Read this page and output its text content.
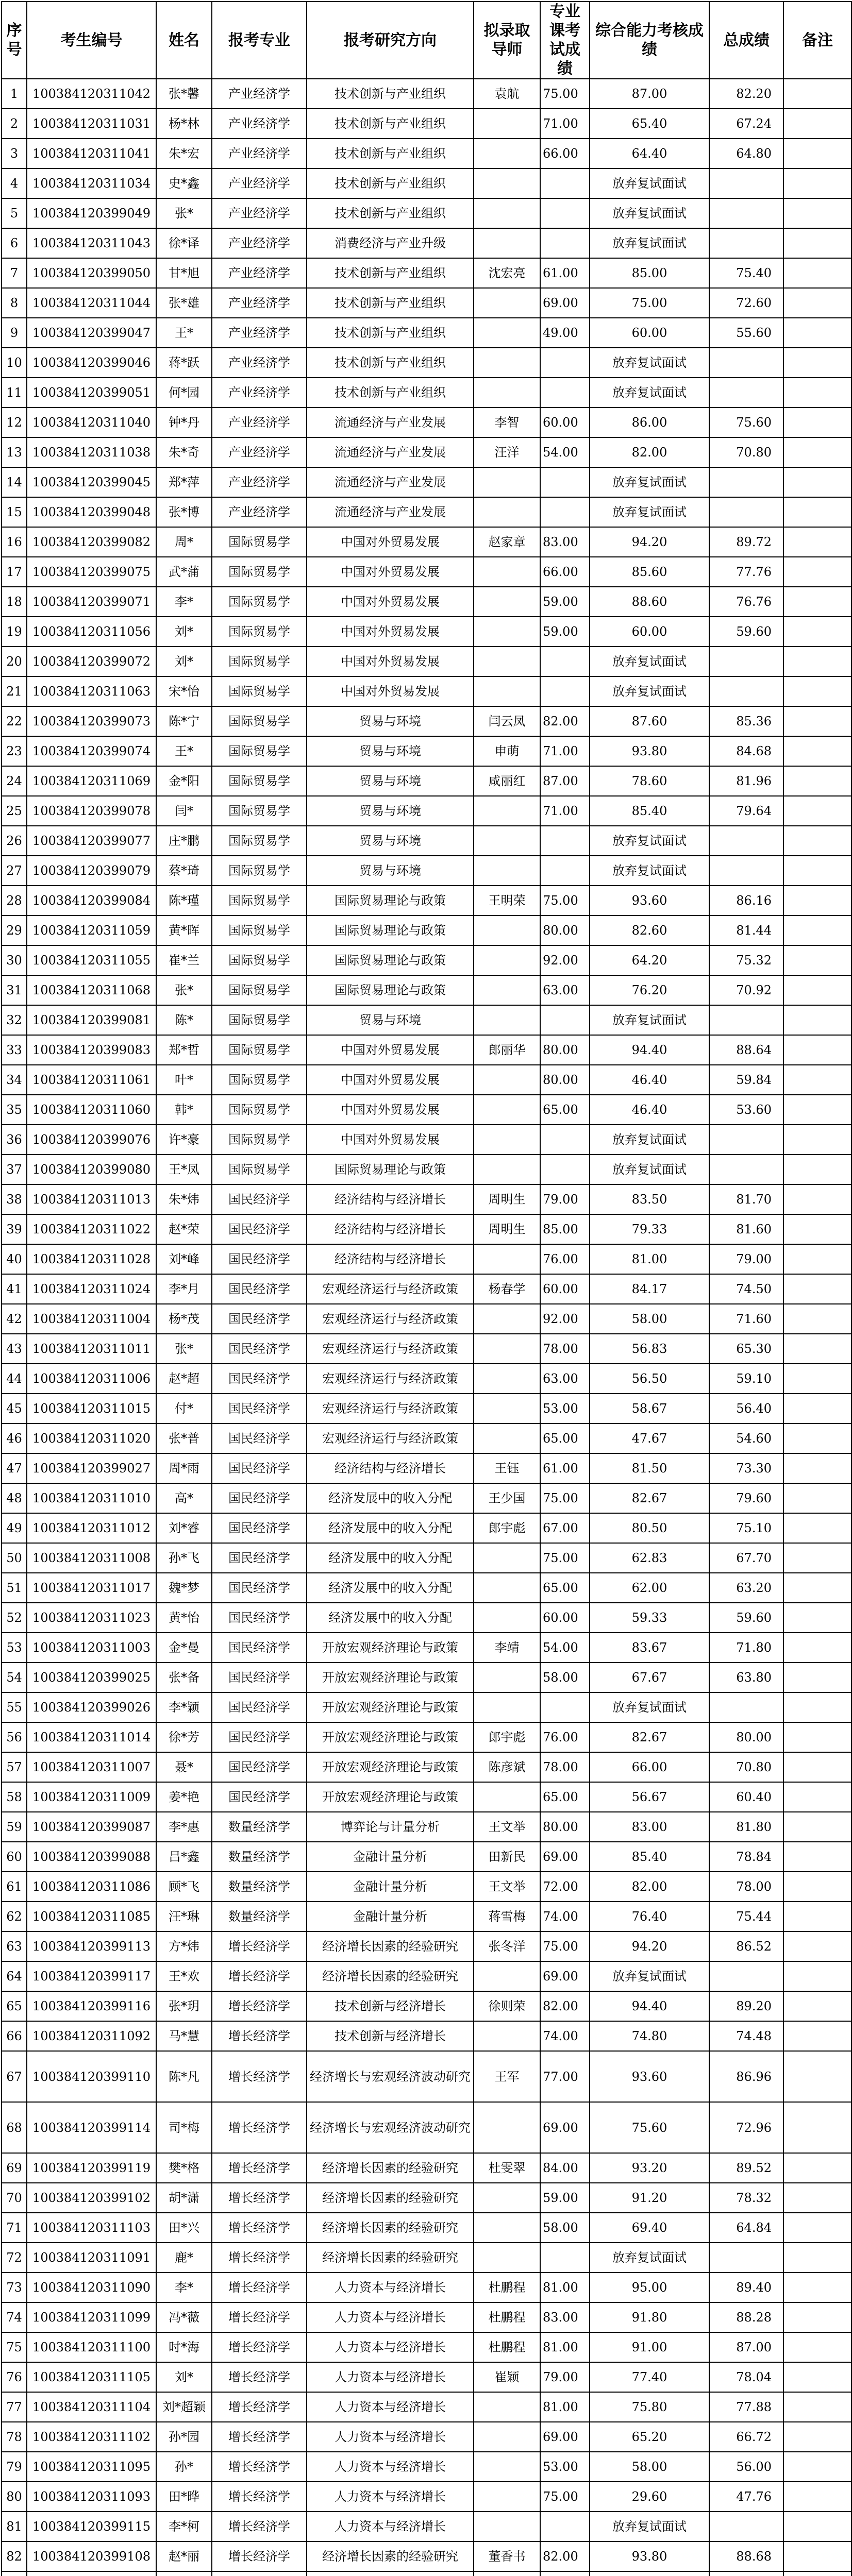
序号	考生编号	姓名	报考专业	报考研究方向	拟录取导师	专业课考试成绩	综合能力考核成绩	总成绩	备注
1	100384120311042	张*馨	产业经济学	技术创新与产业组织	袁航	75.00	87.00	82.20	
2	100384120311031	杨*林	产业经济学	技术创新与产业组织		71.00	65.40	67.24	
3	100384120311041	朱*宏	产业经济学	技术创新与产业组织		66.00	64.40	64.80	
4	100384120311034	史*鑫	产业经济学	技术创新与产业组织			放弃复试面试		
5	100384120399049	张*	产业经济学	技术创新与产业组织			放弃复试面试		
6	100384120311043	徐*译	产业经济学	消费经济与产业升级			放弃复试面试		
7	100384120399050	甘*旭	产业经济学	技术创新与产业组织	沈宏亮	61.00	85.00	75.40	
8	100384120311044	张*雄	产业经济学	技术创新与产业组织		69.00	75.00	72.60	
9	100384120399047	王*	产业经济学	技术创新与产业组织		49.00	60.00	55.60	
10	100384120399046	蒋*跃	产业经济学	技术创新与产业组织			放弃复试面试		
11	100384120399051	何*园	产业经济学	技术创新与产业组织			放弃复试面试		
12	100384120311040	钟*丹	产业经济学	流通经济与产业发展	李智	60.00	86.00	75.60	
13	100384120311038	朱*奇	产业经济学	流通经济与产业发展	汪洋	54.00	82.00	70.80	
14	100384120399045	郑*萍	产业经济学	流通经济与产业发展			放弃复试面试		
15	100384120399048	张*博	产业经济学	流通经济与产业发展			放弃复试面试		
16	100384120399082	周*	国际贸易学	中国对外贸易发展	赵家章	83.00	94.20	89.72	
17	100384120399075	武*蒲	国际贸易学	中国对外贸易发展		66.00	85.60	77.76	
18	100384120399071	李*	国际贸易学	中国对外贸易发展		59.00	88.60	76.76	
19	100384120311056	刘*	国际贸易学	中国对外贸易发展		59.00	60.00	59.60	
20	100384120399072	刘*	国际贸易学	中国对外贸易发展			放弃复试面试		
21	100384120311063	宋*怡	国际贸易学	中国对外贸易发展			放弃复试面试		
22	100384120399073	陈*宁	国际贸易学	贸易与环境	闫云凤	82.00	87.60	85.36	
23	100384120399074	王*	国际贸易学	贸易与环境	申萌	71.00	93.80	84.68	
24	100384120311069	金*阳	国际贸易学	贸易与环境	咸丽红	87.00	78.60	81.96	
25	100384120399078	闫*	国际贸易学	贸易与环境		71.00	85.40	79.64	
26	100384120399077	庄*鹏	国际贸易学	贸易与环境			放弃复试面试		
27	100384120399079	蔡*琦	国际贸易学	贸易与环境			放弃复试面试		
28	100384120399084	陈*瑾	国际贸易学	国际贸易理论与政策	王明荣	75.00	93.60	86.16	
29	100384120311059	黄*晖	国际贸易学	国际贸易理论与政策		80.00	82.60	81.44	
30	100384120311055	崔*兰	国际贸易学	国际贸易理论与政策		92.00	64.20	75.32	
31	100384120311068	张*	国际贸易学	国际贸易理论与政策		63.00	76.20	70.92	
32	100384120399081	陈*	国际贸易学	贸易与环境			放弃复试面试		
33	100384120399083	郑*哲	国际贸易学	中国对外贸易发展	郎丽华	80.00	94.40	88.64	
34	100384120311061	叶*	国际贸易学	中国对外贸易发展		80.00	46.40	59.84	
35	100384120311060	韩*	国际贸易学	中国对外贸易发展		65.00	46.40	53.60	
36	100384120399076	许*豪	国际贸易学	中国对外贸易发展			放弃复试面试		
37	100384120399080	王*凤	国际贸易学	国际贸易理论与政策			放弃复试面试		
38	100384120311013	朱*炜	国民经济学	经济结构与经济增长	周明生	79.00	83.50	81.70	
39	100384120311022	赵*荣	国民经济学	经济结构与经济增长	周明生	85.00	79.33	81.60	
40	100384120311028	刘*峰	国民经济学	经济结构与经济增长		76.00	81.00	79.00	
41	100384120311024	李*月	国民经济学	宏观经济运行与经济政策	杨春学	60.00	84.17	74.50	
42	100384120311004	杨*茂	国民经济学	宏观经济运行与经济政策		92.00	58.00	71.60	
43	100384120311011	张*	国民经济学	宏观经济运行与经济政策		78.00	56.83	65.30	
44	100384120311006	赵*超	国民经济学	宏观经济运行与经济政策		63.00	56.50	59.10	
45	100384120311015	付*	国民经济学	宏观经济运行与经济政策		53.00	58.67	56.40	
46	100384120311020	张*普	国民经济学	宏观经济运行与经济政策		65.00	47.67	54.60	
47	100384120399027	周*雨	国民经济学	经济结构与经济增长	王钰	61.00	81.50	73.30	
48	100384120311010	高*	国民经济学	经济发展中的收入分配	王少国	75.00	82.67	79.60	
49	100384120311012	刘*睿	国民经济学	经济发展中的收入分配	郎宇彪	67.00	80.50	75.10	
50	100384120311008	孙*飞	国民经济学	经济发展中的收入分配		75.00	62.83	67.70	
51	100384120311017	魏*梦	国民经济学	经济发展中的收入分配		65.00	62.00	63.20	
52	100384120311023	黄*怡	国民经济学	经济发展中的收入分配		60.00	59.33	59.60	
53	100384120311003	金*曼	国民经济学	开放宏观经济理论与政策	李靖	54.00	83.67	71.80	
54	100384120399025	张*备	国民经济学	开放宏观经济理论与政策		58.00	67.67	63.80	
55	100384120399026	李*颖	国民经济学	开放宏观经济理论与政策			放弃复试面试		
56	100384120311014	徐*芳	国民经济学	开放宏观经济理论与政策	郎宇彪	76.00	82.67	80.00	
57	100384120311007	聂*	国民经济学	开放宏观经济理论与政策	陈彦斌	78.00	66.00	70.80	
58	100384120311009	姜*艳	国民经济学	开放宏观经济理论与政策		65.00	56.67	60.40	
59	100384120399087	李*惠	数量经济学	博弈论与计量分析	王文举	80.00	83.00	81.80	
60	100384120399088	吕*鑫	数量经济学	金融计量分析	田新民	69.00	85.40	78.84	
61	100384120311086	顾*飞	数量经济学	金融计量分析	王文举	72.00	82.00	78.00	
62	100384120311085	汪*琳	数量经济学	金融计量分析	蒋雪梅	74.00	76.40	75.44	
63	100384120399113	方*炜	增长经济学	经济增长因素的经验研究	张冬洋	75.00	94.20	86.52	
64	100384120399117	王*欢	增长经济学	经济增长因素的经验研究		69.00	放弃复试面试		
65	100384120399116	张*玥	增长经济学	技术创新与经济增长	徐则荣	82.00	94.40	89.20	
66	100384120311092	马*慧	增长经济学	技术创新与经济增长		74.00	74.80	74.48	
67	100384120399110	陈*凡	增长经济学	经济增长与宏观经济波动研究	王军	77.00	93.60	86.96	
68	100384120399114	司*梅	增长经济学	经济增长与宏观经济波动研究		69.00	75.60	72.96	
69	100384120399119	樊*格	增长经济学	经济增长因素的经验研究	杜雯翠	84.00	93.20	89.52	
70	100384120399102	胡*潇	增长经济学	经济增长因素的经验研究		59.00	91.20	78.32	
71	100384120311103	田*兴	增长经济学	经济增长因素的经验研究		58.00	69.40	64.84	
72	100384120311091	鹿*	增长经济学	经济增长因素的经验研究			放弃复试面试		
73	100384120311090	李*	增长经济学	人力资本与经济增长	杜鹏程	81.00	95.00	89.40	
74	100384120311099	冯*薇	增长经济学	人力资本与经济增长	杜鹏程	83.00	91.80	88.28	
75	100384120311100	时*海	增长经济学	人力资本与经济增长	杜鹏程	81.00	91.00	87.00	
76	100384120311105	刘*	增长经济学	人力资本与经济增长	崔颖	79.00	77.40	78.04	
77	100384120311104	刘*超颖	增长经济学	人力资本与经济增长		81.00	75.80	77.88	
78	100384120311102	孙*园	增长经济学	人力资本与经济增长		69.00	65.20	66.72	
79	100384120311095	孙*	增长经济学	人力资本与经济增长		53.00	58.00	56.00	
80	100384120311093	田*晔	增长经济学	人力资本与经济增长		75.00	29.60	47.76	
81	100384120399115	李*柯	增长经济学	人力资本与经济增长			放弃复试面试		
82	100384120399108	赵*丽	增长经济学	经济增长因素的经验研究	董香书	82.00	93.80	88.68	
